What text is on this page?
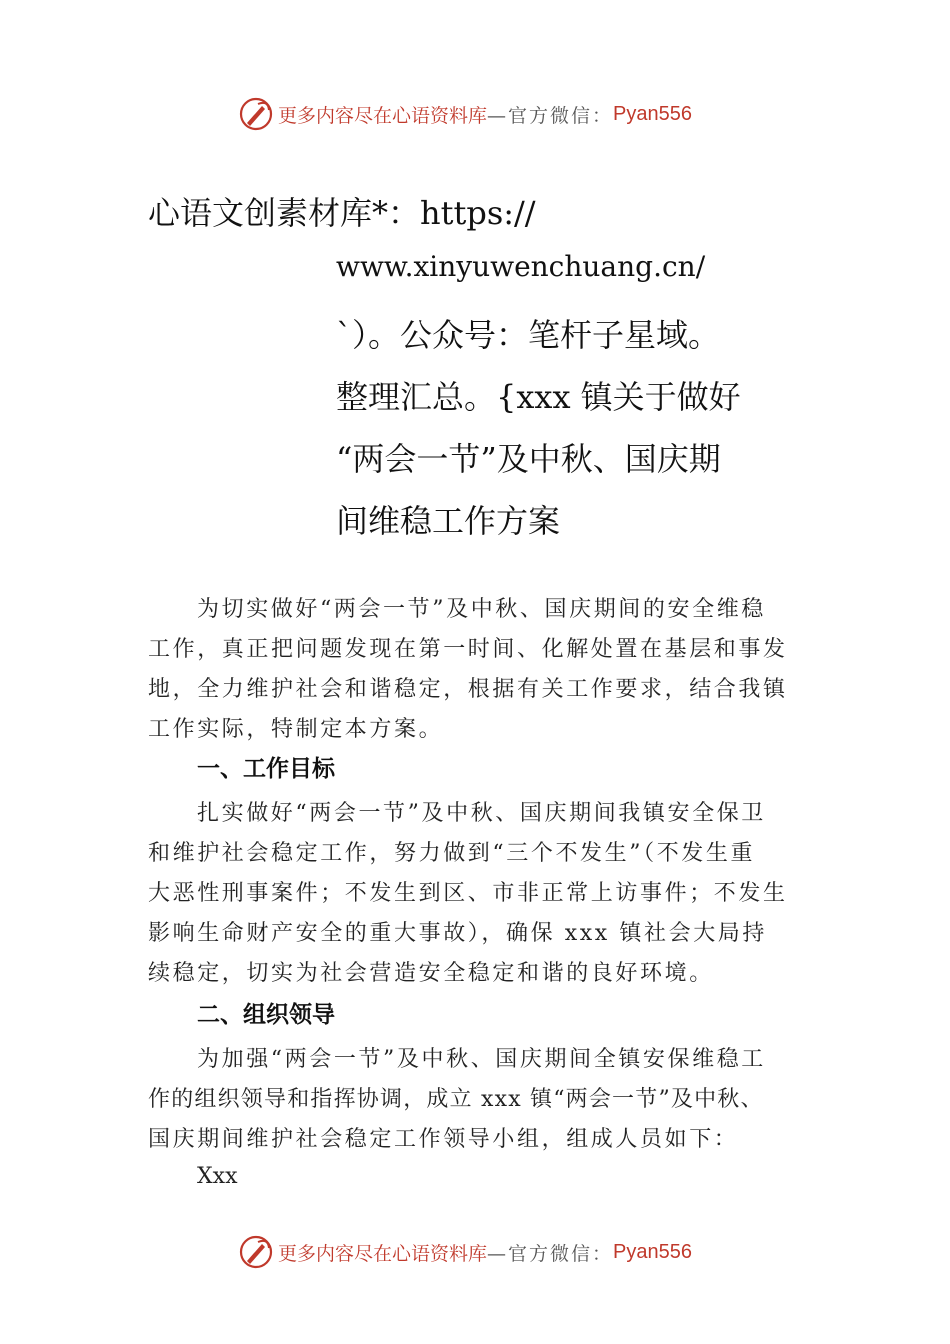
更多内容尽在心语资料库 —官方微信： Pyan556
心语文创素材库*：https://
www.xinyuwenchuang.cn/
`）。公众号：笔杆子星域。
整理汇总。{xxx 镇关于做好
“两会一节”及中秋、国庆期
间维稳工作方案
为切实做好“两会一节”及中秋、国庆期间的安全维稳
工作，真正把问题发现在第一时间、化解处置在基层和事发
地，全力维护社会和谐稳定，根据有关工作要求，结合我镇
工作实际，特制定本方案。
一、工作目标
扎实做好“两会一节”及中秋、国庆期间我镇安全保卫
和维护社会稳定工作，努力做到“三个不发生”（不发生重
大恶性刑事案件；不发生到区、市非正常上访事件；不发生
影响生命财产安全的重大事故），确保 xxx 镇社会大局持
续稳定，切实为社会营造安全稳定和谐的良好环境。
二、组织领导
为加强“两会一节”及中秋、国庆期间全镇安保维稳工
作的组织领导和指挥协调，成立 xxx 镇“两会一节”及中秋、
国庆期间维护社会稳定工作领导小组，组成人员如下：
Xxx
更多内容尽在心语资料库 —官方微信： Pyan556
